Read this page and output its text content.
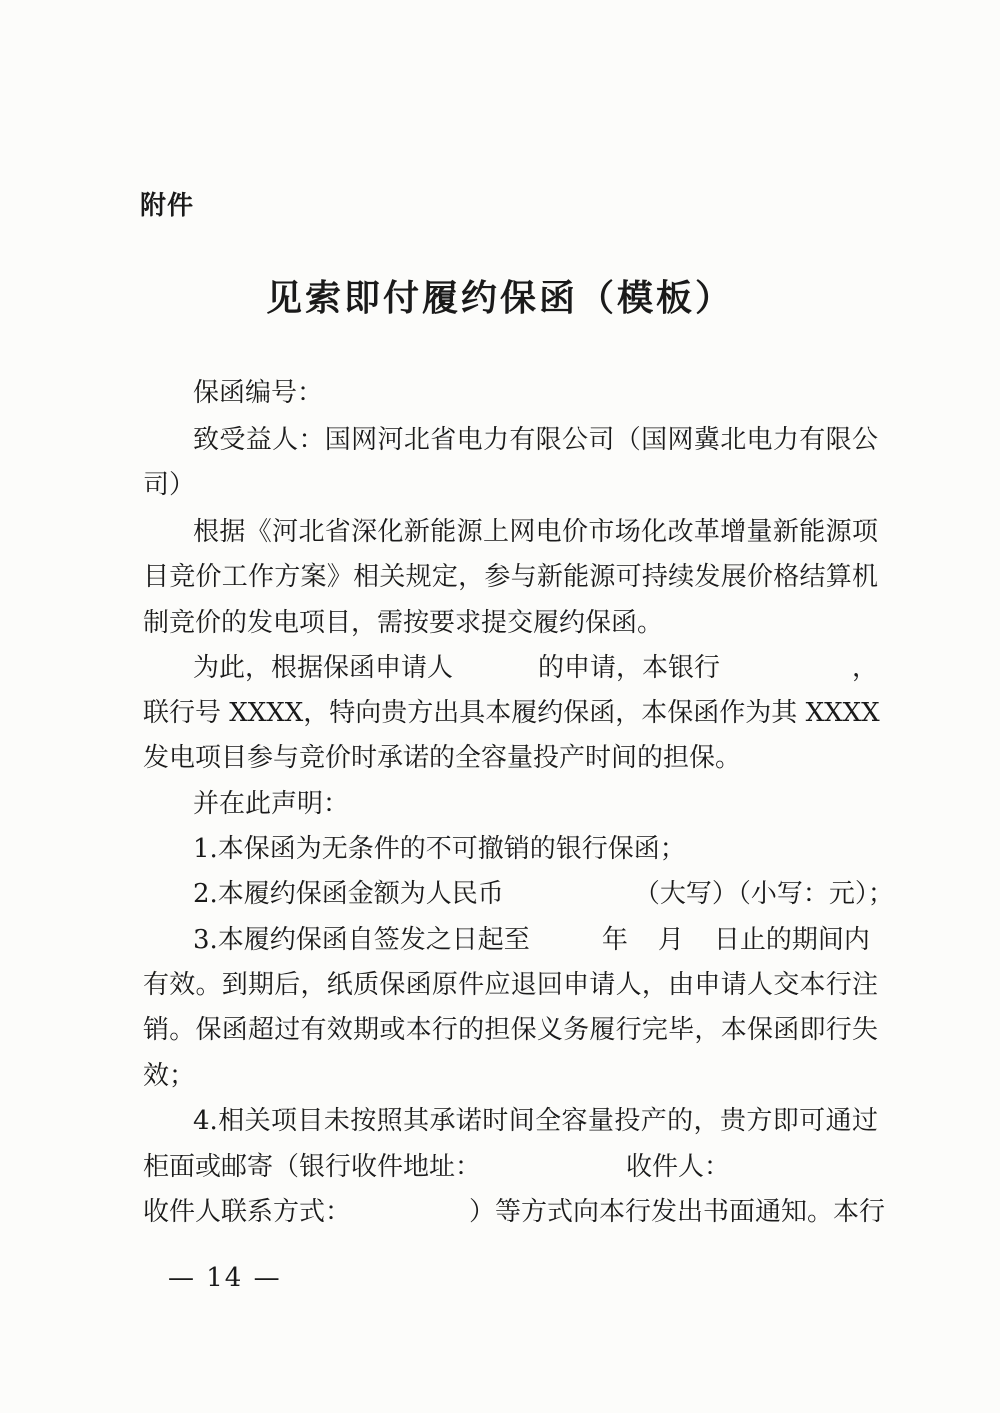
附件
见索即付履约保函（模板）
保函编号：
致受益人：国网河北省电力有限公司（国网冀北电力有限公
司）
根据《河北省深化新能源上网电价市场化改革增量新能源项
目竞价工作方案》相关规定，参与新能源可持续发展价格结算机
制竞价的发电项目，需按要求提交履约保函。
为此，根据保函申请人	的申请，本银行	，
联行号 XXXX，特向贵方出具本履约保函，本保函作为其 XXXX
发电项目参与竞价时承诺的全容量投产时间的担保。
并在此声明：
1.本保函为无条件的不可撤销的银行保函；
2.本履约保函金额为人民币	（大写）（小写：元）；
3.本履约保函自签发之日起至	年 月 日止的期间内
有效。到期后，纸质保函原件应退回申请人，由申请人交本行注
销。保函超过有效期或本行的担保义务履行完毕，本保函即行失
效；
4.相关项目未按照其承诺时间全容量投产的，贵方即可通过
柜面或邮寄（银行收件地址：	收件人：
收件人联系方式：	）等方式向本行发出书面通知。本行
— 14 —
